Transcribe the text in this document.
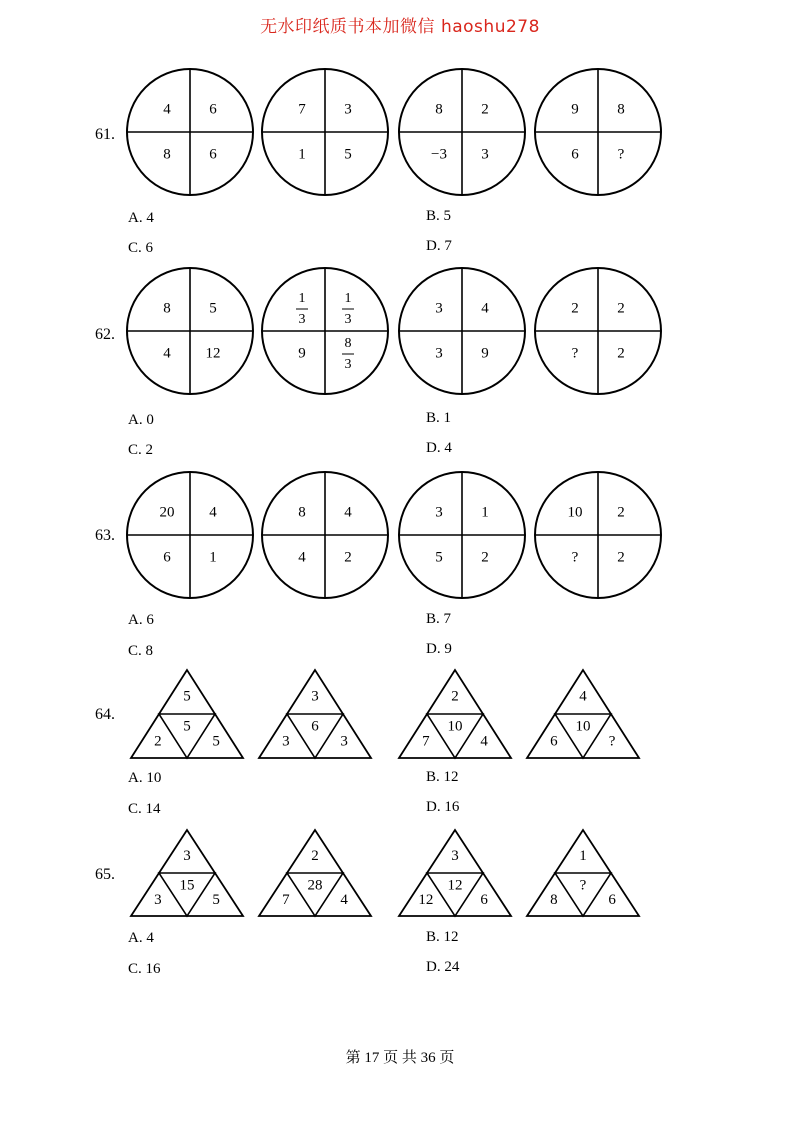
无水印纸质书本加微信 haoshu278
4	6
8	6
7	3
1	5
8	2
−3 3
9	8
6	?
8	5
4 12
1
3
1
3
9
8
3
3	4
3	9
2	2
?	2
20 4
6	1
8	4
4	2
3	1
5	2
10 2
?	2
5
5
2	5
3
6
3	3
2
10
7	4
4
10
6	?
3
15
3	5
2
28
7	4
3
12
12	6
1
?
8	6
61.
62.
63.
64.
65.
A. 4	B. 5
C. 6	D. 7
A. 0	B. 1
C. 2	D. 4
A. 6	B. 7
C. 8	D. 9
A. 10	B. 12
C. 14	D. 16
A. 4	B. 12
C. 16	D. 24
第 17 页 共 36 页
